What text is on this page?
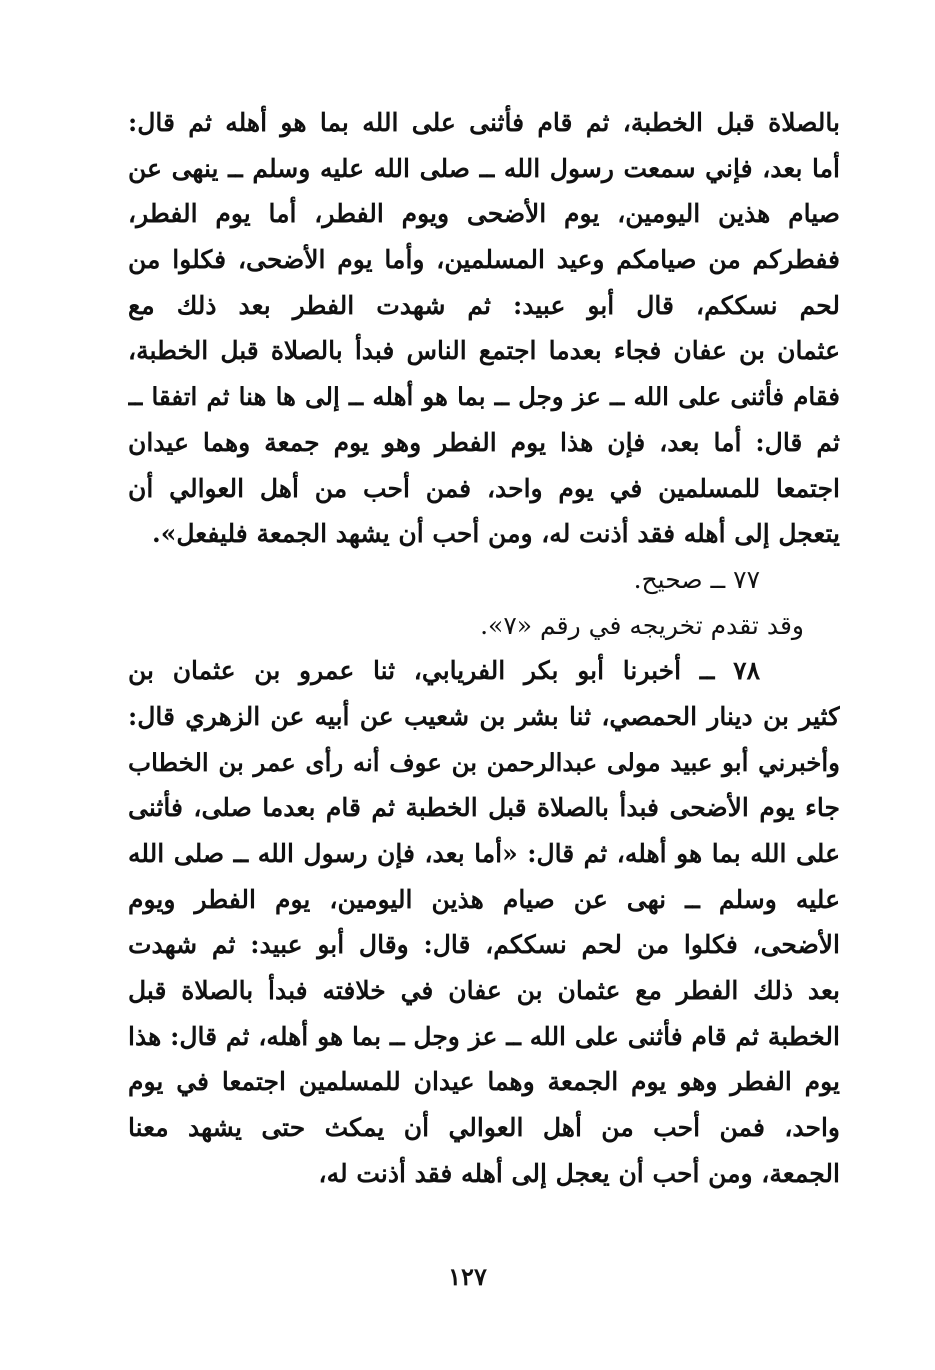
بالصلاة قبل الخطبة، ثم قام فأثنى على الله بما هو أهله ثم قال:
أما بعد، فإني سمعت رسول الله ــ صلى الله عليه وسلم ــ ينهى عن
صيام هذين اليومين، يوم الأضحى ويوم الفطر، أما يوم الفطر،
ففطركم من صيامكم وعيد المسلمين، وأما يوم الأضحى، فكلوا من
لحم نسككم، قال أبو عبيد: ثم شهدت الفطر بعد ذلك مع
عثمان بن عفان فجاء بعدما اجتمع الناس فبدأ بالصلاة قبل الخطبة،
فقام فأثنى على الله ــ عز وجل ــ بما هو أهله ــ إلى ها هنا ثم اتفقا ــ
ثم قال: أما بعد، فإن هذا يوم الفطر وهو يوم جمعة وهما عيدان
اجتمعا للمسلمين في يوم واحد، فمن أحب من أهل العوالي أن
يتعجل إلى أهله فقد أذنت له، ومن أحب أن يشهد الجمعة فليفعل».
٧٧ ــ صحيح.
وقد تقدم تخريجه في رقم «٧».
٧٨ ــ أخبرنا أبو بكر الفريابي، ثنا عمرو بن عثمان بن
كثير بن دينار الحمصي، ثنا بشر بن شعيب عن أبيه عن الزهري قال:
وأخبرني أبو عبيد مولى عبدالرحمن بن عوف أنه رأى عمر بن الخطاب
جاء يوم الأضحى فبدأ بالصلاة قبل الخطبة ثم قام بعدما صلى، فأثنى
على الله بما هو أهله، ثم قال: «أما بعد، فإن رسول الله ــ صلى الله
عليه وسلم ــ نهى عن صيام هذين اليومين، يوم الفطر ويوم
الأضحى، فكلوا من لحم نسككم، قال: وقال أبو عبيد: ثم شهدت
بعد ذلك الفطر مع عثمان بن عفان في خلافته فبدأ بالصلاة قبل
الخطبة ثم قام فأثنى على الله ــ عز وجل ــ بما هو أهله، ثم قال: هذا
يوم الفطر وهو يوم الجمعة وهما عيدان للمسلمين اجتمعا في يوم
واحد، فمن أحب من أهل العوالي أن يمكث حتى يشهد معنا
الجمعة، ومن أحب أن يعجل إلى أهله فقد أذنت له،
١٢٧
